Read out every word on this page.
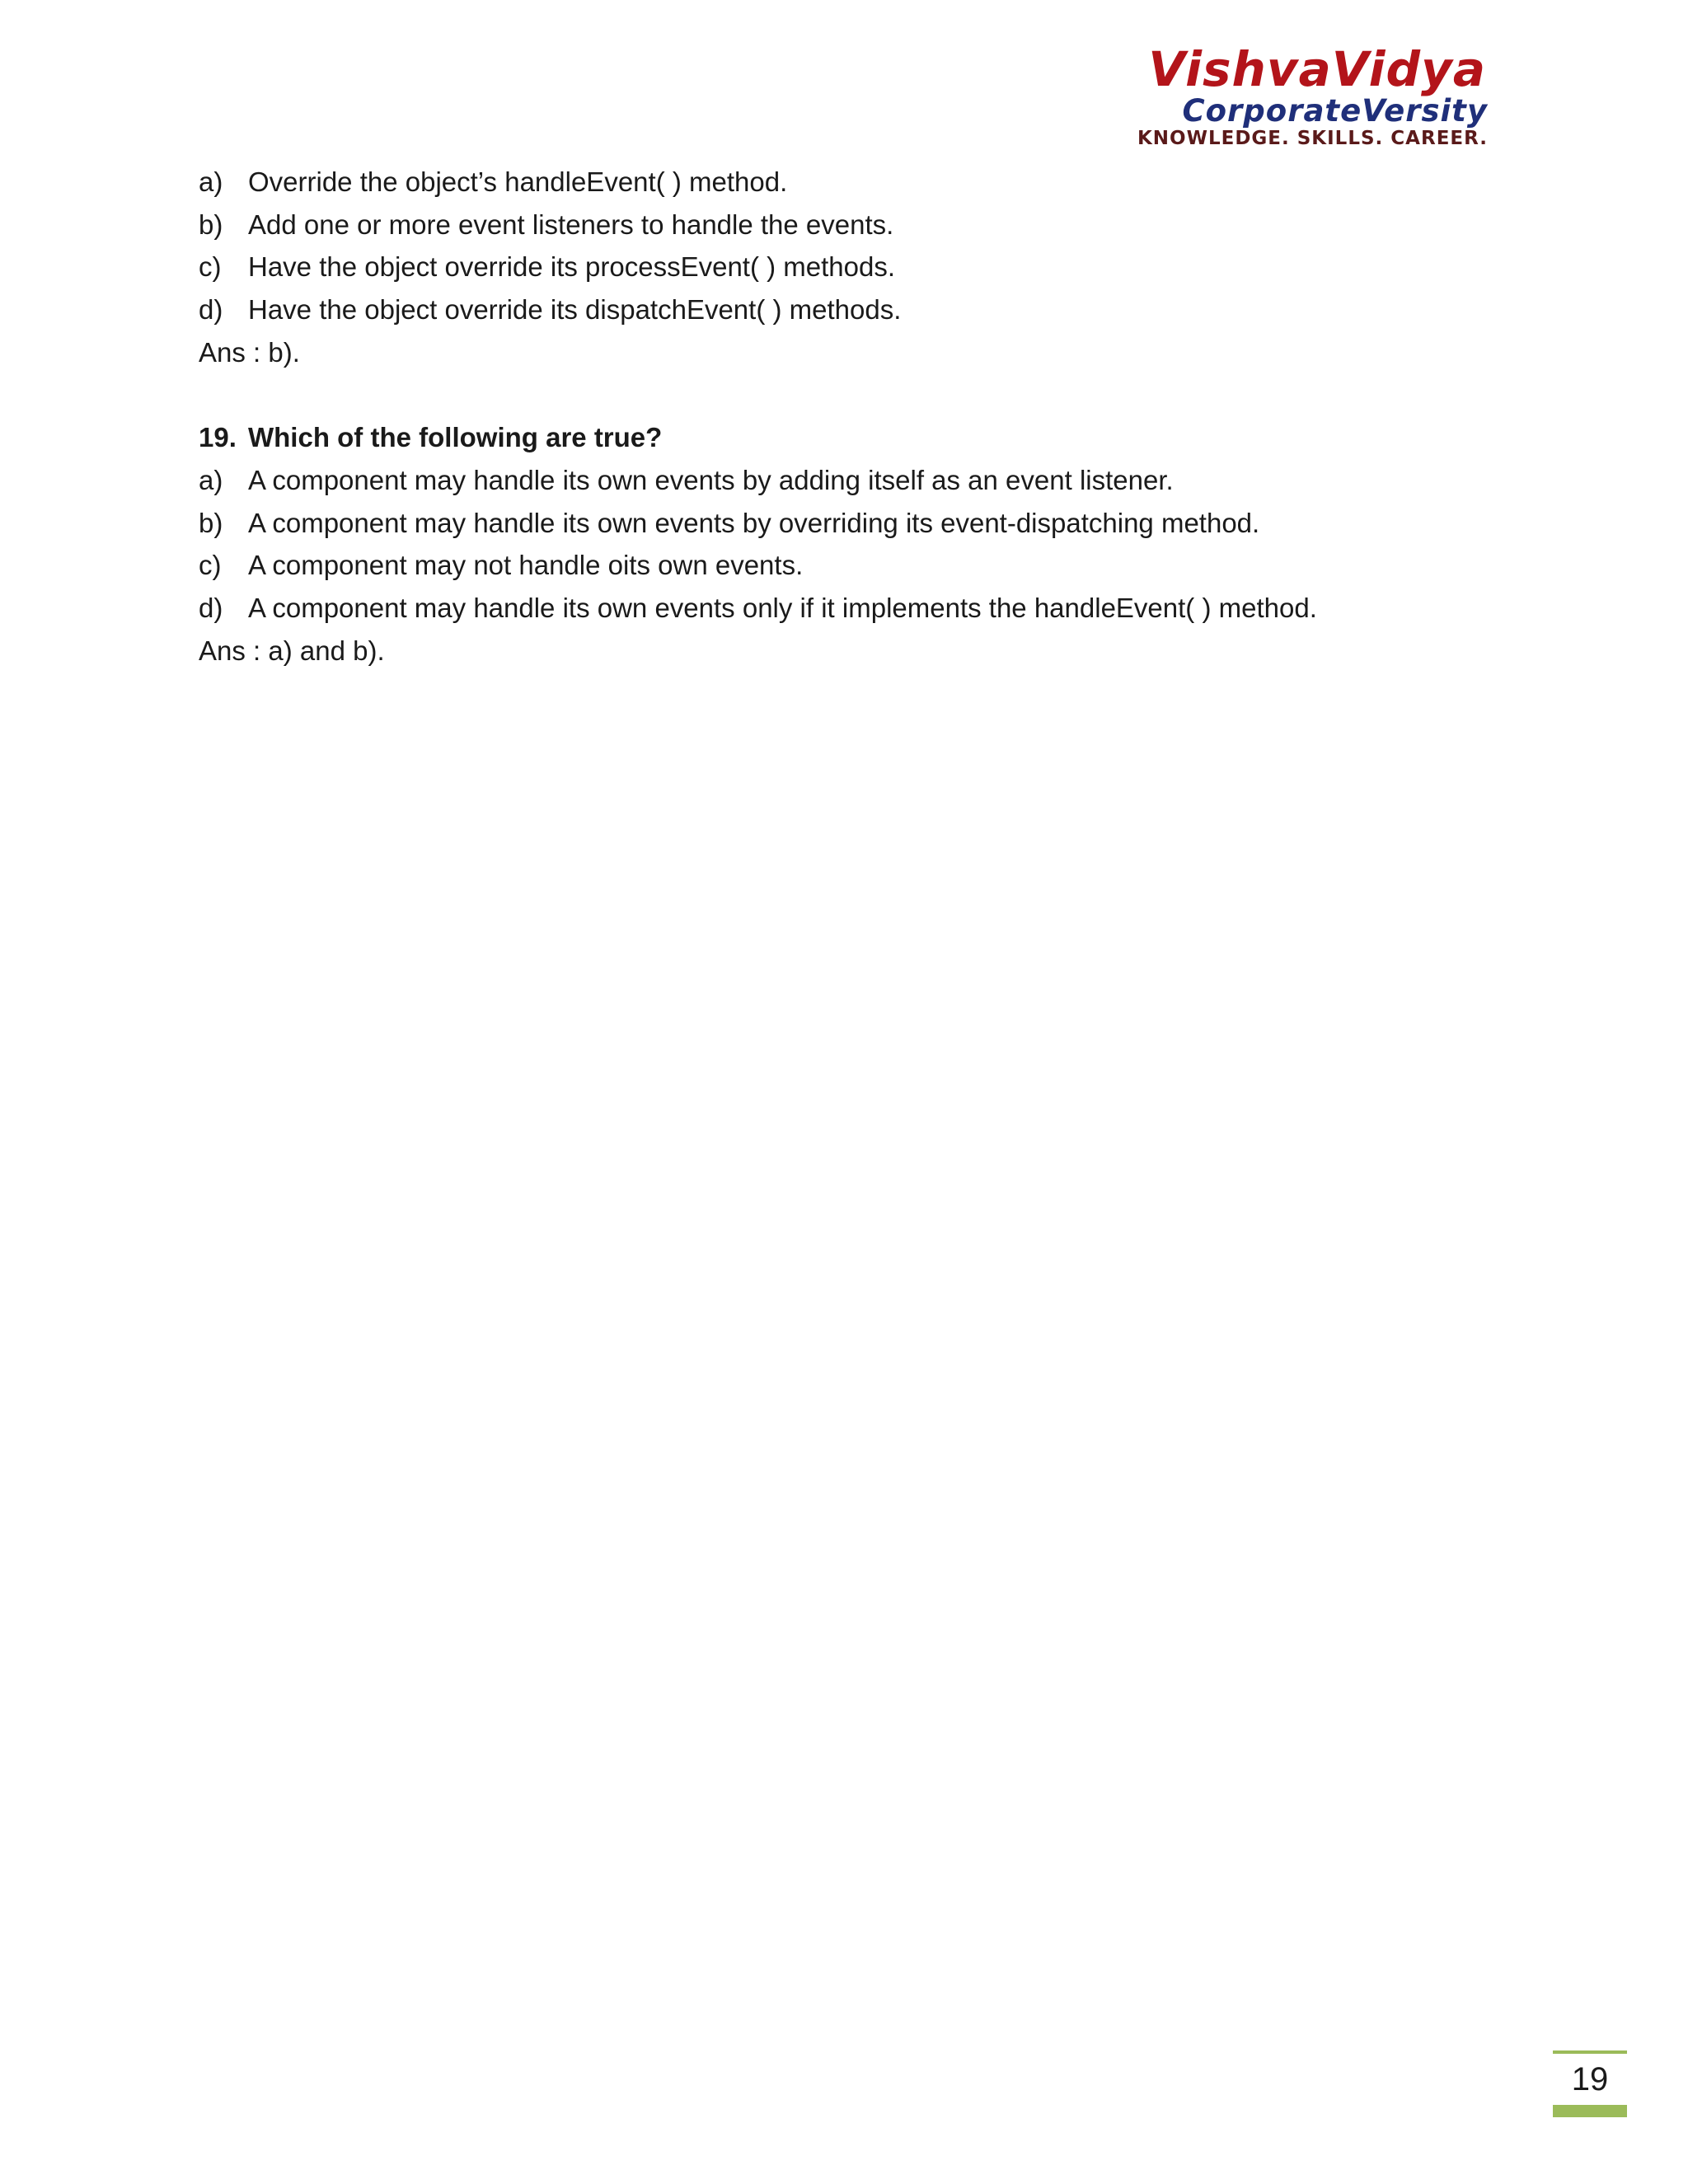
VishvaVidya
CorporateVersity
KNOWLEDGE. SKILLS. CAREER.
a) Override the object’s handleEvent( ) method.
b) Add one or more event listeners to handle the events.
c) Have the object override its processEvent( ) methods.
d) Have the object override its dispatchEvent( ) methods.
Ans : b).
19. Which of the following are true?
a) A component may handle its own events by adding itself as an event listener.
b) A component may handle its own events by overriding its event-dispatching method.
c) A component may not handle oits own events.
d) A component may handle its own events only if it implements the handleEvent( ) method.
Ans : a) and b).
19
